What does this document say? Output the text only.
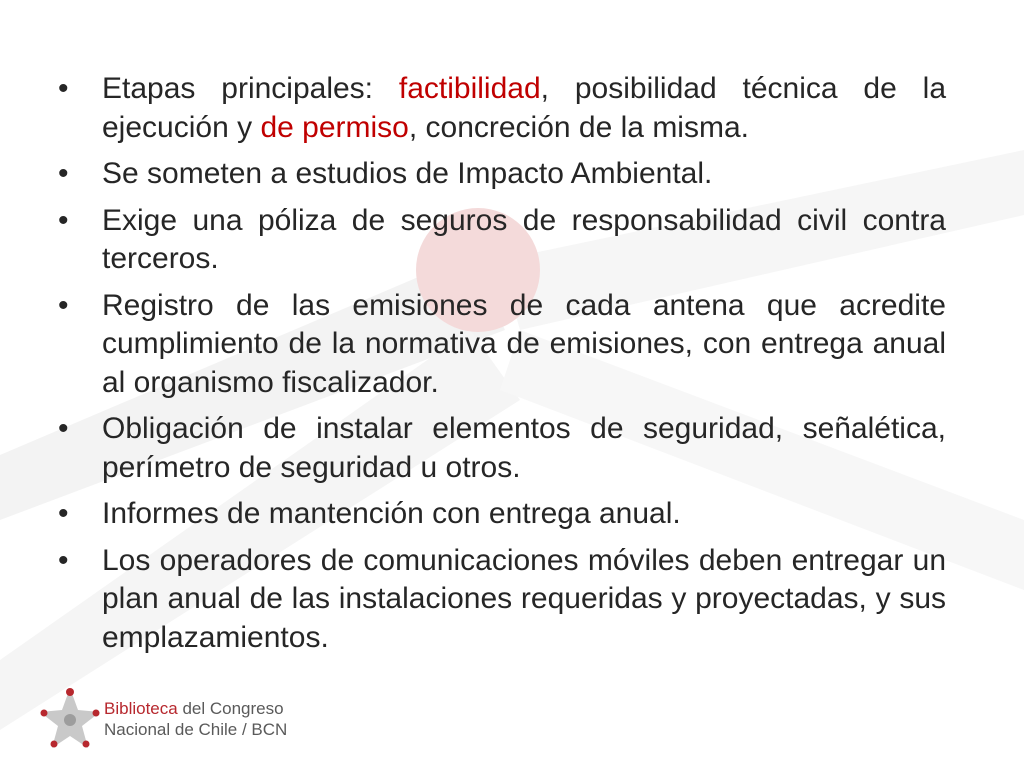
• Etapas principales: factibilidad, posibilidad técnica de la ejecución y de permiso, concreción de la misma.
• Se someten a estudios de Impacto Ambiental.
• Exige una póliza de seguros de responsabilidad civil contra terceros.
• Registro de las emisiones de cada antena que acredite cumplimiento de la normativa de emisiones, con entrega anual al organismo fiscalizador.
• Obligación de instalar elementos de seguridad, señalética, perímetro de seguridad u otros.
• Informes de mantención con entrega anual.
• Los operadores de comunicaciones móviles deben entregar un plan anual de las instalaciones requeridas y proyectadas, y sus emplazamientos.
Biblioteca del Congreso
Nacional de Chile / BCN
